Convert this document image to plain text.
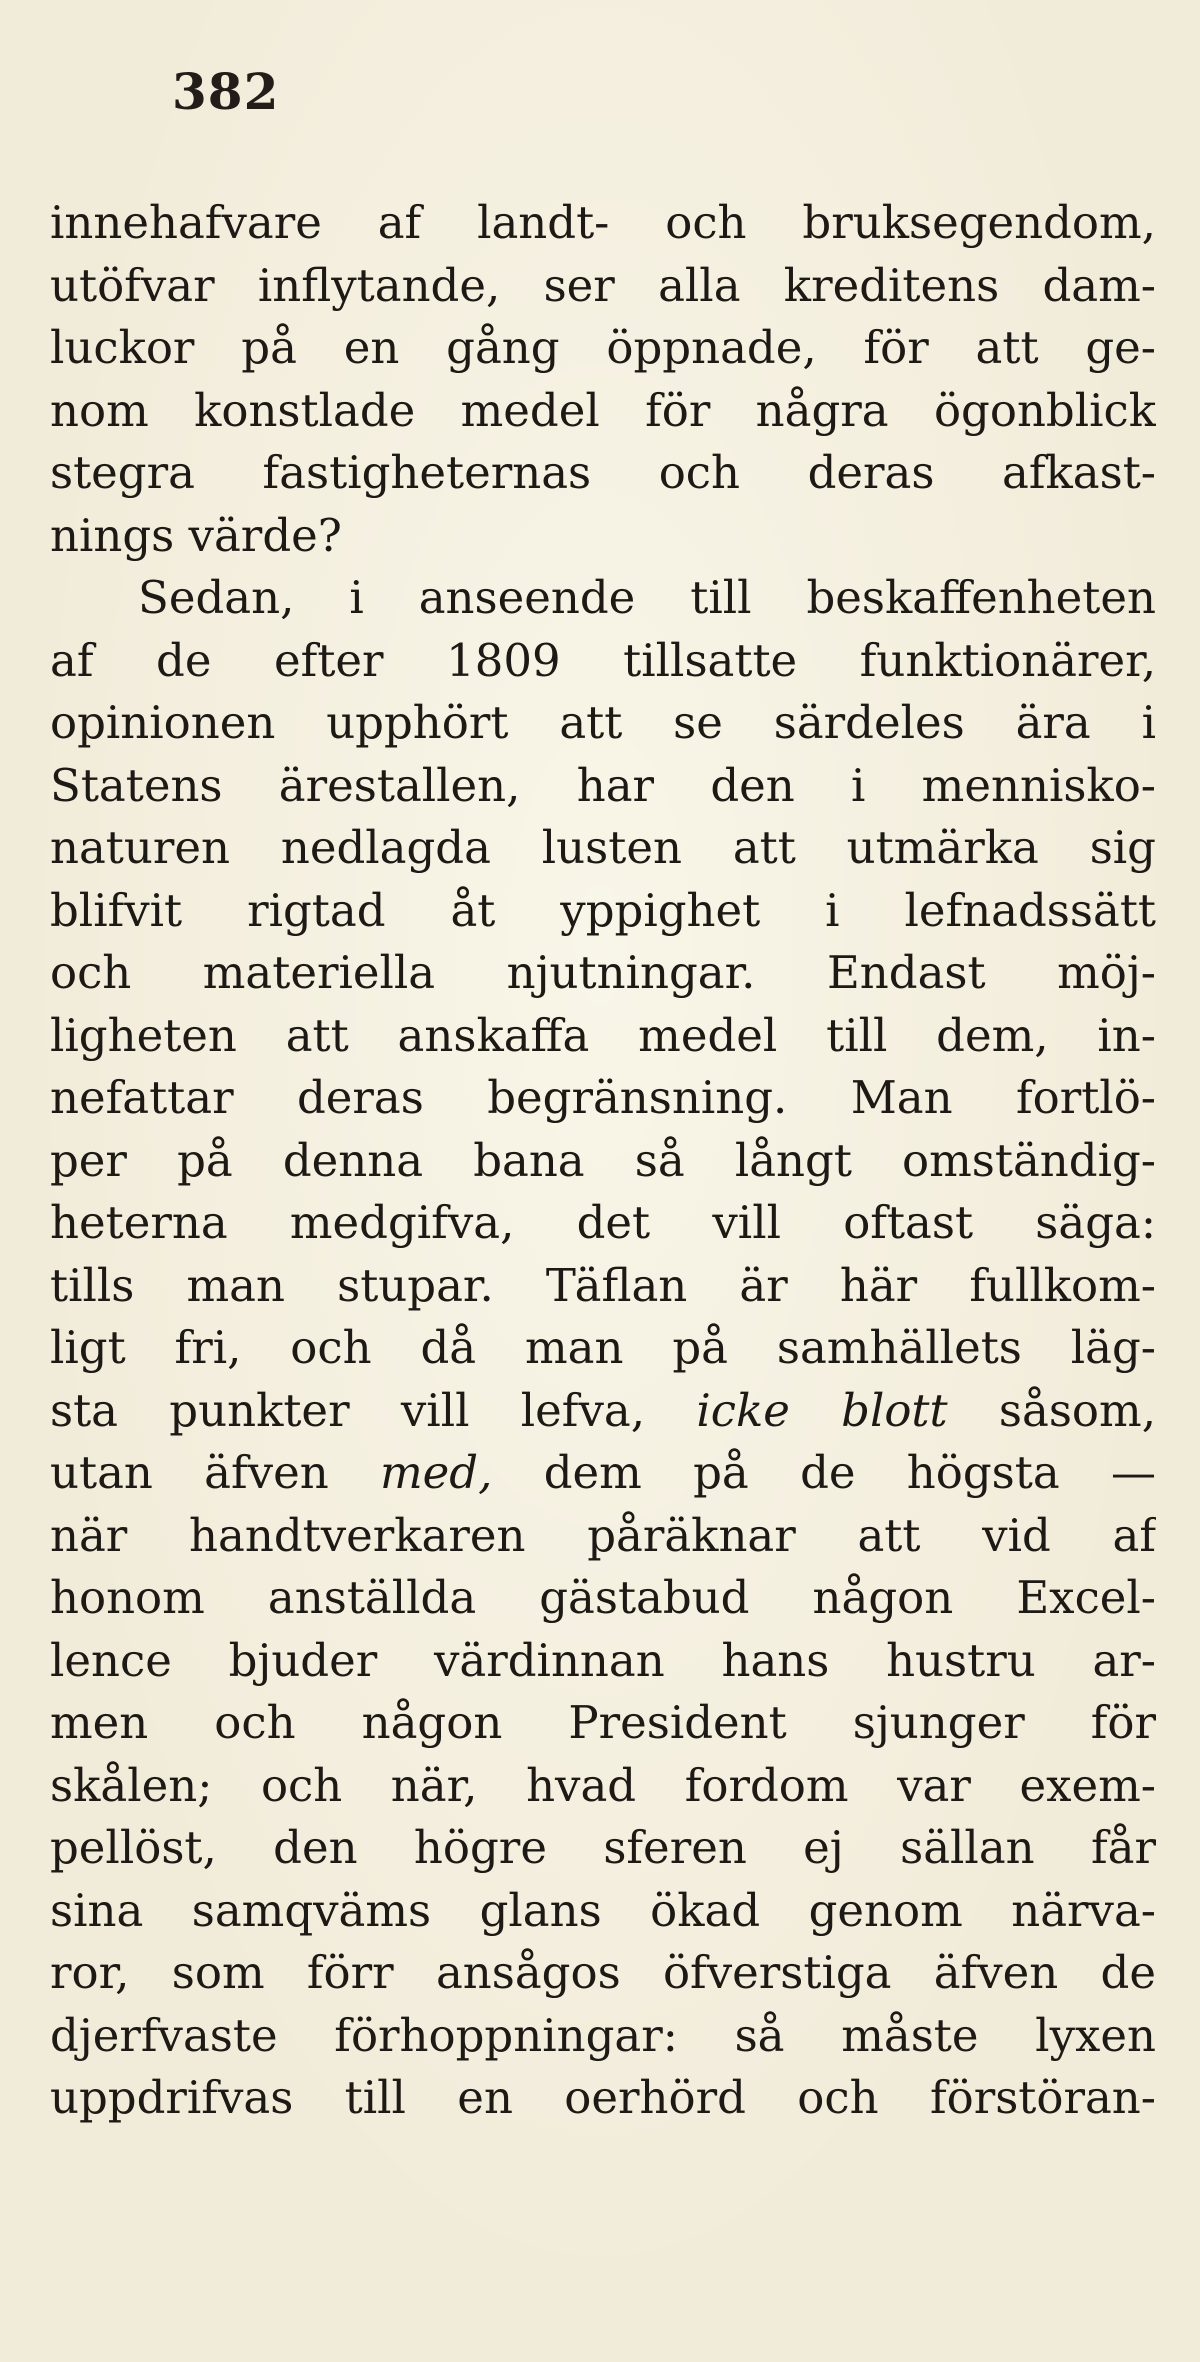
382
innehafvare af landt- och bruksegendom,
utöfvar inflytande, ser alla kreditens dam-
luckor på en gång öppnade, för att ge-
nom konstlade medel för några ögonblick
stegra fastigheternas och deras afkast-
nings värde?
Sedan, i anseende till beskaffenheten
af de efter 1809 tillsatte funktionärer,
opinionen upphört att se särdeles ära i
Statens ärestallen, har den i mennisko-
naturen nedlagda lusten att utmärka sig
blifvit rigtad åt yppighet i lefnadssätt
och materiella njutningar. Endast möj-
ligheten att anskaffa medel till dem, in-
nefattar deras begränsning. Man fortlö-
per på denna bana så långt omständig-
heterna medgifva, det vill oftast säga:
tills man stupar. Täflan är här fullkom-
ligt fri, och då man på samhällets läg-
sta punkter vill lefva, icke blott såsom,
utan äfven med, dem på de högsta —
när handtverkaren påräknar att vid af
honom anställda gästabud någon Excel-
lence bjuder värdinnan hans hustru ar-
men och någon President sjunger för
skålen; och när, hvad fordom var exem-
pellöst, den högre sferen ej sällan får
sina samqväms glans ökad genom närva-
ror, som förr ansågos öfverstiga äfven de
djerfvaste förhoppningar: så måste lyxen
uppdrifvas till en oerhörd och förstöran-
